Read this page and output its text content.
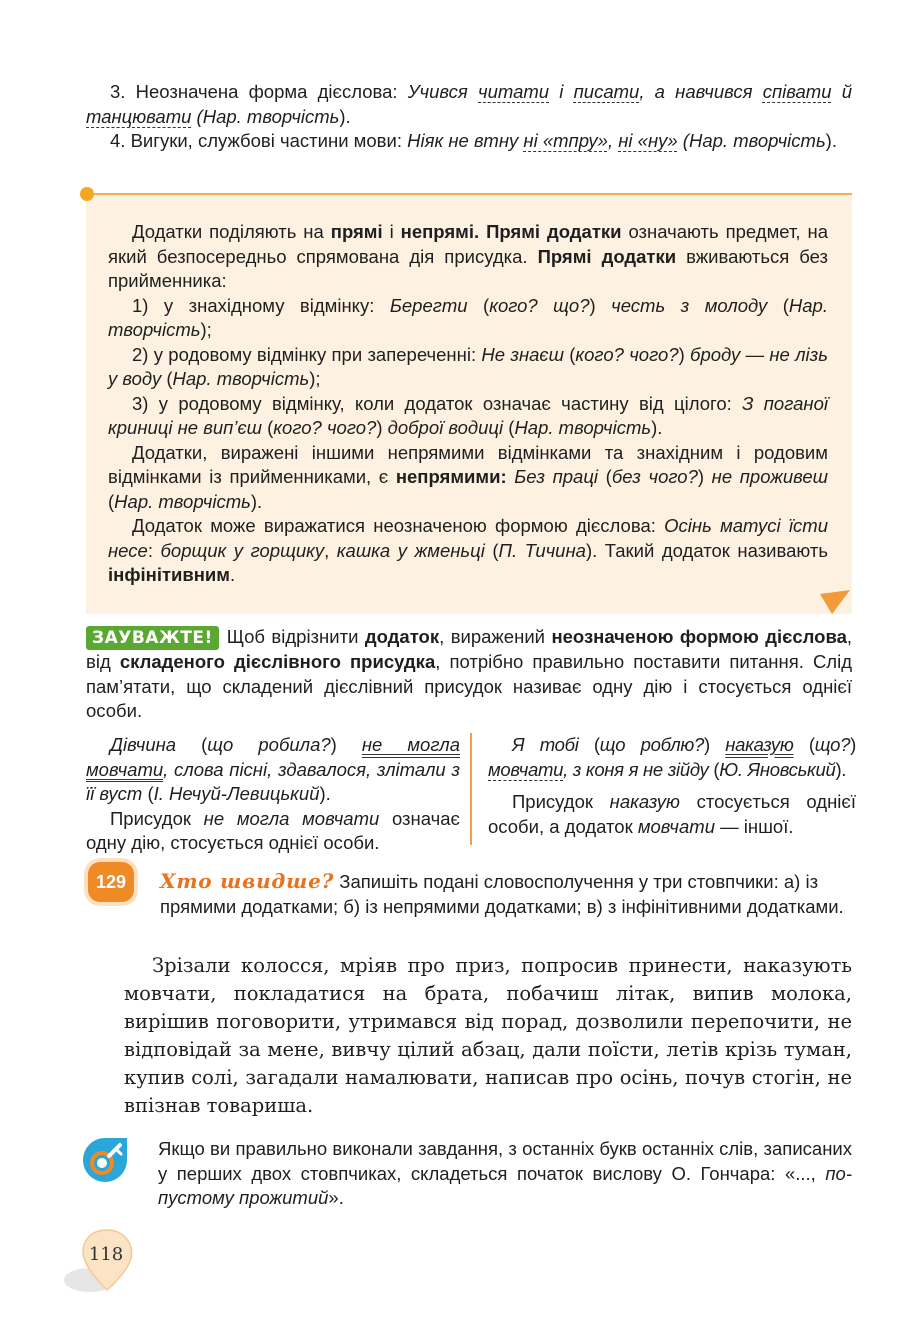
3. Неозначена форма дієслова: Учився читати і писати, а навчився співати й танцювати (Нар. творчість).

4. Вигуки, службові частини мови: Ніяк не втну ні «тпру», ні «ну» (Нар. творчість).

Додатки поділяють на прямі і непрямі. Прямі додатки означають предмет, на який безпосередньо спрямована дія присудка. Прямі додатки вживаються без прийменника:

1) у знахідному відмінку: Берегти (кого? що?) честь з молоду (Нар. творчість);

2) у родовому відмінку при запереченні: Не знаєш (кого? чого?) броду — не лізь у воду (Нар. творчість);

3) у родовому відмінку, коли додаток означає частину від цілого: З поганої криниці не вип’єш (кого? чого?) доброї водиці (Нар. творчість).

Додатки, виражені іншими непрямими відмінками та знахідним і родовим відмінками із прийменниками, є непрямими: Без праці (без чого?) не проживеш (Нар. творчість).

Додаток може виражатися неозначеною формою дієслова: Осінь матусі їсти несе: борщик у горщику, кашка у жменьці (П. Тичина). Такий додаток називають інфінітивним.

ЗАУВАЖТЕ! Щоб відрізнити додаток, виражений неозначеною формою дієслова, від складеного дієслівного присудка, потрібно правильно поставити питання. Слід пам’ятати, що складений дієслівний присудок називає одну дію і стосується однієї особи.

Дівчина (що робила?) не могла мовчати, слова пісні, здавалося, злітали з її вуст (І. Нечуй-Левицький).

Присудок не могла мовчати означає одну дію, стосується однієї особи.

Я тобі (що роблю?) наказую (що?) мовчати, з коня я не зійду (Ю. Яновський).

Присудок наказую стосується однієї особи, а додаток мовчати — іншої.

129	Хто швидше? Запишіть подані словосполучення у три стовпчики: а) із прямими додатками; б) із непрямими додатками; в) з інфінітивними додатками.

Зрізали колосся, мріяв про приз, попросив принести, наказують мовчати, покладатися на брата, побачиш літак, випив молока, вирішив поговорити, утримався від порад, дозволили перепочити, не відповідай за мене, вивчу цілий абзац, дали поїсти, летів крізь туман, купив солі, загадали намалювати, написав про осінь, почув стогін, не впізнав товариша.

Якщо ви правильно виконали завдання, з останніх букв останніх слів, записаних у перших двох стовпчиках, складеться початок вислову О. Гончара: «..., по-пустому прожитий».

118
